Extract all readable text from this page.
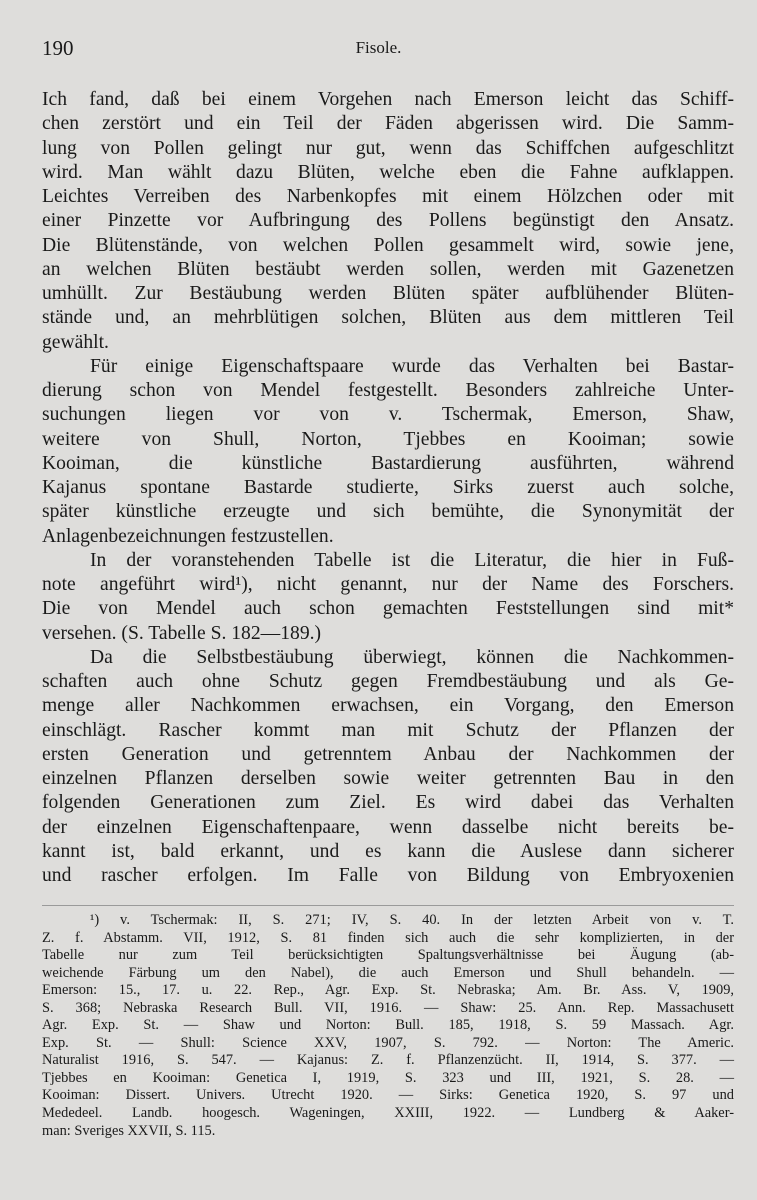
190	Fisole.
Ich fand, daß bei einem Vorgehen nach Emerson leicht das Schiff-
chen zerstört und ein Teil der Fäden abgerissen wird. Die Samm-
lung von Pollen gelingt nur gut, wenn das Schiffchen aufgeschlitzt
wird. Man wählt dazu Blüten, welche eben die Fahne aufklappen.
Leichtes Verreiben des Narbenkopfes mit einem Hölzchen oder mit
einer Pinzette vor Aufbringung des Pollens begünstigt den Ansatz.
Die Blütenstände, von welchen Pollen gesammelt wird, sowie jene,
an welchen Blüten bestäubt werden sollen, werden mit Gazenetzen
umhüllt. Zur Bestäubung werden Blüten später aufblühender Blüten-
stände und, an mehrblütigen solchen, Blüten aus dem mittleren Teil
gewählt.
Für einige Eigenschaftspaare wurde das Verhalten bei Bastar-
dierung schon von Mendel festgestellt. Besonders zahlreiche Unter-
suchungen liegen vor von v. Tschermak, Emerson, Shaw,
weitere von Shull, Norton, Tjebbes en Kooiman; sowie
Kooiman, die künstliche Bastardierung ausführten, während
Kajanus spontane Bastarde studierte, Sirks zuerst auch solche,
später künstliche erzeugte und sich bemühte, die Synonymität der
Anlagenbezeichnungen festzustellen.
In der voranstehenden Tabelle ist die Literatur, die hier in Fuß-
note angeführt wird¹), nicht genannt, nur der Name des Forschers.
Die von Mendel auch schon gemachten Feststellungen sind mit*
versehen. (S. Tabelle S. 182—189.)
Da die Selbstbestäubung überwiegt, können die Nachkommen-
schaften auch ohne Schutz gegen Fremdbestäubung und als Ge-
menge aller Nachkommen erwachsen, ein Vorgang, den Emerson
einschlägt. Rascher kommt man mit Schutz der Pflanzen der
ersten Generation und getrenntem Anbau der Nachkommen der
einzelnen Pflanzen derselben sowie weiter getrennten Bau in den
folgenden Generationen zum Ziel. Es wird dabei das Verhalten
der einzelnen Eigenschaftenpaare, wenn dasselbe nicht bereits be-
kannt ist, bald erkannt, und es kann die Auslese dann sicherer
und rascher erfolgen. Im Falle von Bildung von Embryoxenien
¹) v. Tschermak: II, S. 271; IV, S. 40. In der letzten Arbeit von v. T.
Z. f. Abstamm. VII, 1912, S. 81 finden sich auch die sehr komplizierten, in der
Tabelle nur zum Teil berücksichtigten Spaltungsverhältnisse bei Äugung (ab-
weichende Färbung um den Nabel), die auch Emerson und Shull behandeln. —
Emerson: 15., 17. u. 22. Rep., Agr. Exp. St. Nebraska; Am. Br. Ass. V, 1909,
S. 368; Nebraska Research Bull. VII, 1916. — Shaw: 25. Ann. Rep. Massachusett
Agr. Exp. St. — Shaw und Norton: Bull. 185, 1918, S. 59 Massach. Agr.
Exp. St. — Shull: Science XXV, 1907, S. 792. — Norton: The Americ.
Naturalist 1916, S. 547. — Kajanus: Z. f. Pflanzenzücht. II, 1914, S. 377. —
Tjebbes en Kooiman: Genetica I, 1919, S. 323 und III, 1921, S. 28. —
Kooiman: Dissert. Univers. Utrecht 1920. — Sirks: Genetica 1920, S. 97 und
Mededeel. Landb. hoogesch. Wageningen, XXIII, 1922. — Lundberg & Aaker-
man: Sveriges XXVII, S. 115.
